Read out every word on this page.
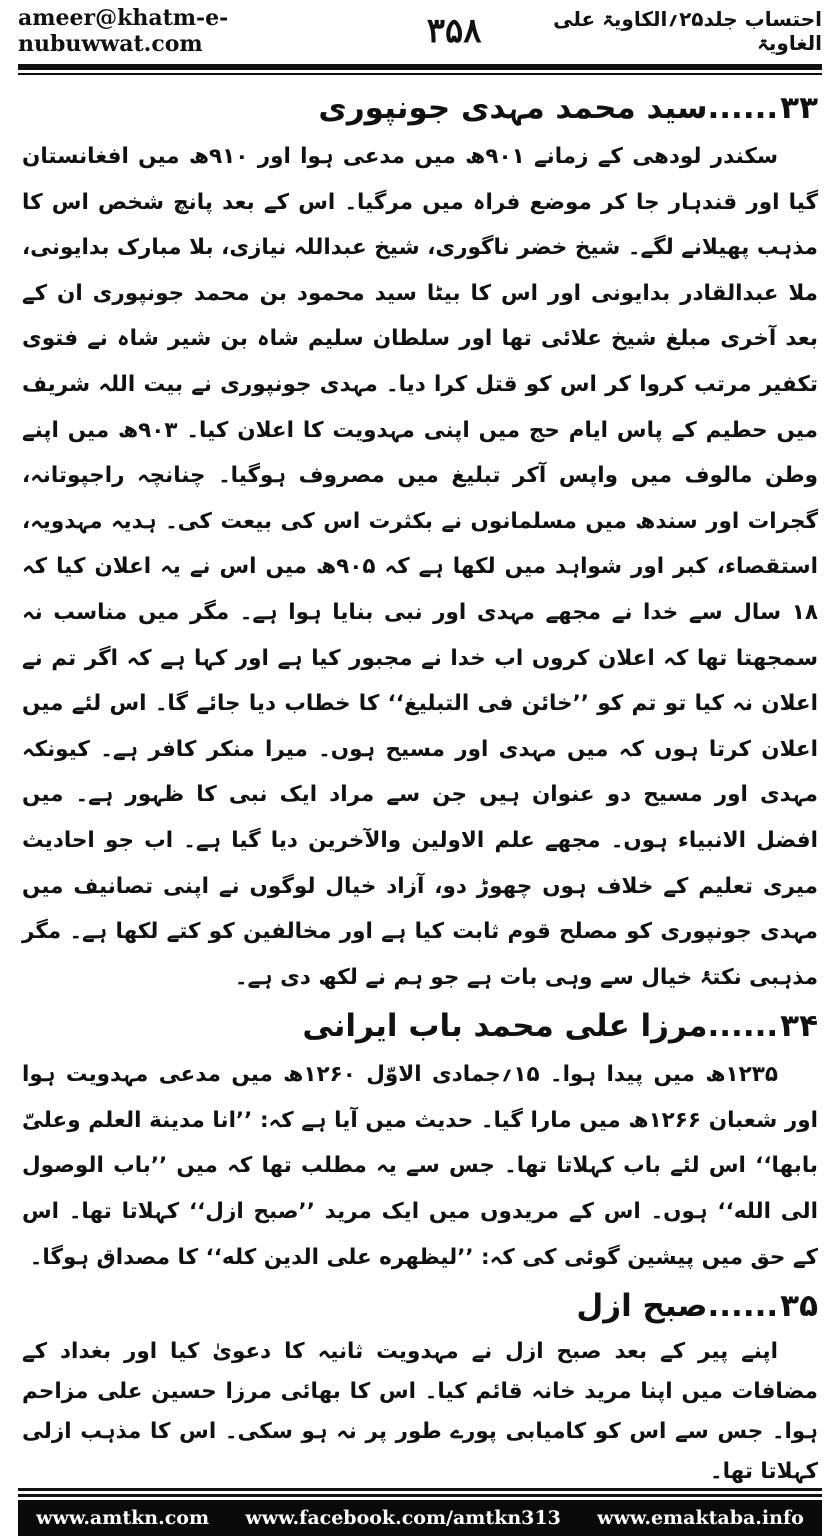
ameer@khatm-e-nubuwwat.com	۳۵۸	احتساب جلد۲۵؍الکاویۃ علی الغاویۃ
۳۳......سید محمد مہدی جونپوری

سکندر لودھی کے زمانے ۹۰۱ھ میں مدعی ہوا اور ۹۱۰ھ میں افغانستان گیا اور قندہار جا کر موضع فراہ میں مرگیا۔ اس کے بعد پانچ شخص اس کا مذہب پھیلانے لگے۔ شیخ خضر ناگوری، شیخ عبداللہ نیازی، بلا مبارک بدایونی، ملا عبدالقادر بدایونی اور اس کا بیٹا سید محمود بن محمد جونپوری ان کے بعد آخری مبلغ شیخ علائی تھا اور سلطان سلیم شاہ بن شیر شاہ نے فتوی تکفیر مرتب کروا کر اس کو قتل کرا دیا۔ مہدی جونپوری نے بیت اللہ شریف میں حطیم کے پاس ایام حج میں اپنی مہدویت کا اعلان کیا۔ ۹۰۳ھ میں اپنے وطن مالوف میں واپس آکر تبلیغ میں مصروف ہوگیا۔ چنانچہ راجپوتانہ، گجرات اور سندھ میں مسلمانوں نے بکثرت اس کی بیعت کی۔ ہدیہ مہدویہ، استقصاء، کبر اور شواہد میں لکھا ہے کہ ۹۰۵ھ میں اس نے یہ اعلان کیا کہ ۱۸ سال سے خدا نے مجھے مہدی اور نبی بنایا ہوا ہے۔ مگر میں مناسب نہ سمجھتا تھا کہ اعلان کروں اب خدا نے مجبور کیا ہے اور کہا ہے کہ اگر تم نے اعلان نہ کیا تو تم کو ’’خائن فی التبلیغ‘‘ کا خطاب دیا جائے گا۔ اس لئے میں اعلان کرتا ہوں کہ میں مہدی اور مسیح ہوں۔ میرا منکر کافر ہے۔ کیونکہ مہدی اور مسیح دو عنوان ہیں جن سے مراد ایک نبی کا ظہور ہے۔ میں افضل الانبیاء ہوں۔ مجھے علم الاولین والآخرین دیا گیا ہے۔ اب جو احادیث میری تعلیم کے خلاف ہوں چھوڑ دو، آزاد خیال لوگوں نے اپنی تصانیف میں مہدی جونپوری کو مصلح قوم ثابت کیا ہے اور مخالفین کو کتے لکھا ہے۔ مگر مذہبی نکتۂ خیال سے وہی بات ہے جو ہم نے لکھ دی ہے۔

۳۴......مرزا علی محمد باب ایرانی

۱۲۳۵ھ میں پیدا ہوا۔ ۱۵؍جمادی الاوّل ۱۲۶۰ھ میں مدعی مہدویت ہوا اور شعبان ۱۲۶۶ھ میں مارا گیا۔ حدیث میں آیا ہے کہ: ’’انا مدینة العلم وعلیّ بابها‘‘ اس لئے باب کہلاتا تھا۔ جس سے یہ مطلب تھا کہ میں ’’باب الوصول الی الله‘‘ ہوں۔ اس کے مریدوں میں ایک مرید ’’صبح ازل‘‘ کہلاتا تھا۔ اس کے حق میں پیشین گوئی کی کہ: ’’لیظهره علی الدین کله‘‘ کا مصداق ہوگا۔

۳۵......صبح ازل

اپنے پیر کے بعد صبح ازل نے مہدویت ثانیہ کا دعویٰ کیا اور بغداد کے مضافات میں اپنا مرید خانہ قائم کیا۔ اس کا بھائی مرزا حسین علی مزاحم ہوا۔ جس سے اس کو کامیابی پورے طور پر نہ ہو سکی۔ اس کا مذہب ازلی کہلاتا تھا۔

www.amtkn.com www.facebook.com/amtkn313 www.emaktaba.info
